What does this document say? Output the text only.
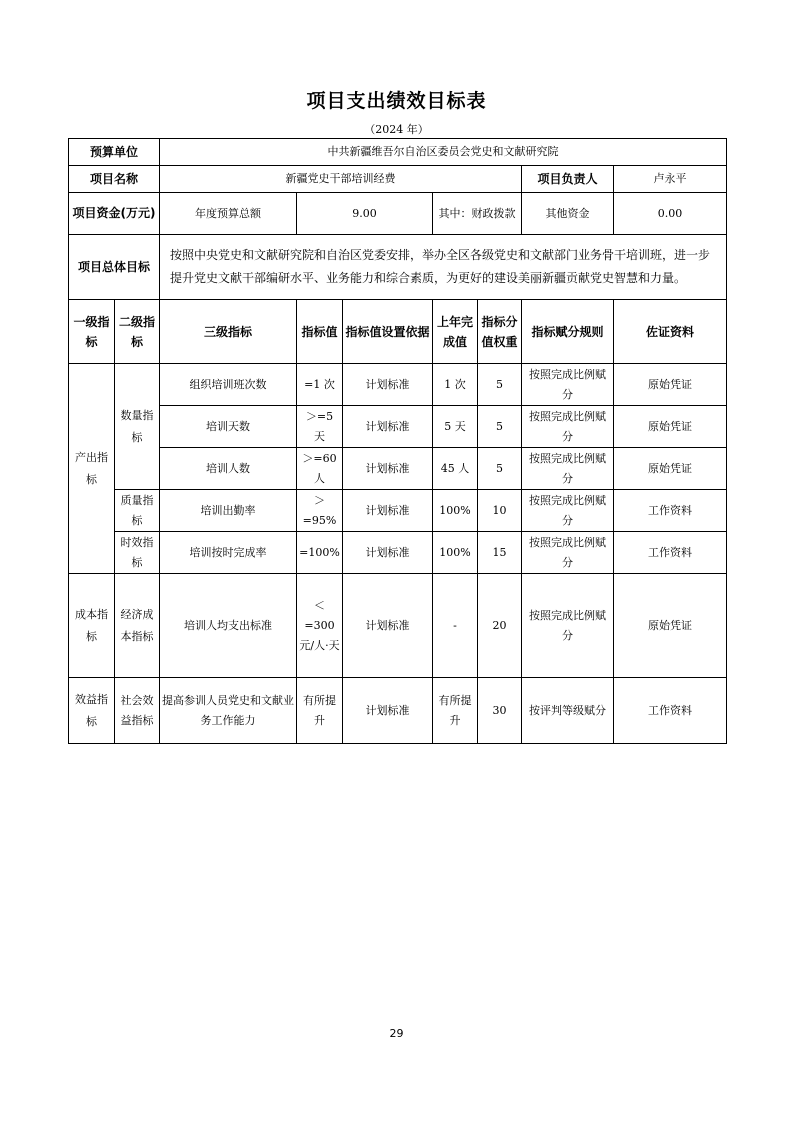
项目支出绩效目标表
（2024 年）
预算单位		中共新疆维吾尔自治区委员会党史和文献研究院						
项目名称		新疆党史干部培训经费					项目负责人	卢永平
项目资金(万元)		年度预算总额	9.00		其中：财政拨款		其他资金	0.00
项目总体目标		按照中央党史和文献研究院和自治区党委安排，举办全区各级党史和文献部门业务骨干培训班，进一步提升党史文献干部编研水平、业务能力和综合素质，为更好的建设美丽新疆贡献党史智慧和力量。						
一级指标	二级指标	三级指标	指标值	指标值设置依据	上年完成值	指标分值权重	指标赋分规则	佐证资料
产出指标	数量指标	组织培训班次数	=1 次	计划标准	1 次	5	按照完成比例赋分	原始凭证
		培训天数	＞=5 天	计划标准	5 天	5	按照完成比例赋分	原始凭证
		培训人数	＞=60 人	计划标准	45 人	5	按照完成比例赋分	原始凭证
	质量指标	培训出勤率	＞=95%	计划标准	100%	10	按照完成比例赋分	工作资料
	时效指标	培训按时完成率	=100%	计划标准	100%	15	按照完成比例赋分	工作资料
成本指标	经济成本指标	培训人均支出标准	＜=300 元/人·天	计划标准	-	20	按照完成比例赋分	原始凭证
效益指标	社会效益指标	提高参训人员党史和文献业务工作能力	有所提升	计划标准	有所提升	30	按评判等级赋分	工作资料
29
